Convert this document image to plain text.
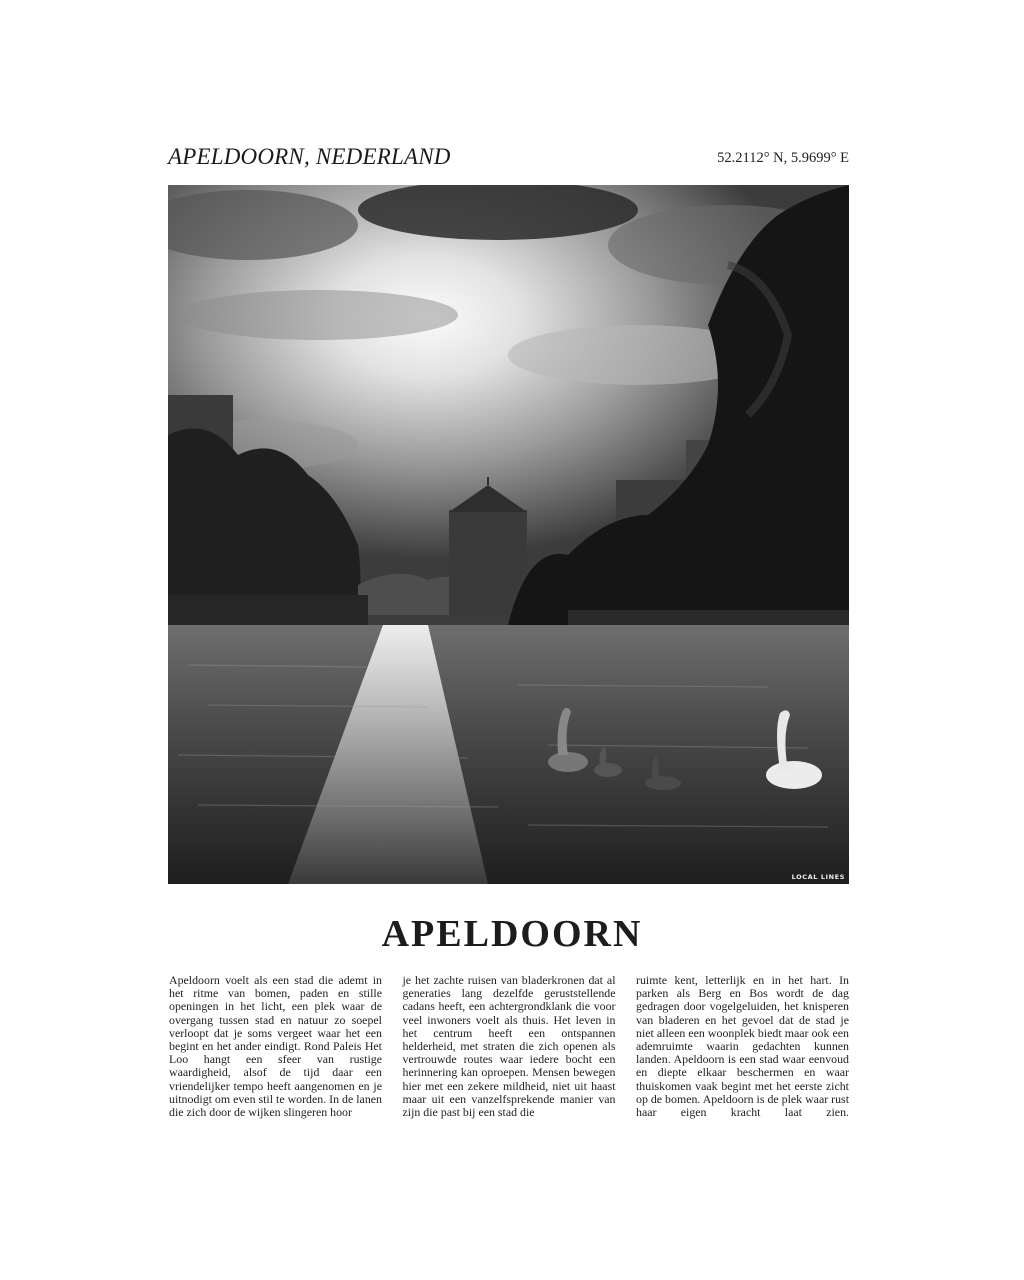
APELDOORN, NEDERLAND	52.2112° N, 5.9699° E
LOCAL LINES
APELDOORN
Apeldoorn voelt als een stad die ademt in het ritme van bomen, paden en stille openingen in het licht, een plek waar de overgang tussen stad en natuur zo soepel verloopt dat je soms vergeet waar het een begint en het ander eindigt. Rond Paleis Het Loo hangt een sfeer van rustige waardigheid, alsof de tijd daar een vriendelijker tempo heeft aangenomen en je uitnodigt om even stil te worden. In de lanen die zich door de wijken slingeren hoor
je het zachte ruisen van bladerkronen dat al generaties lang dezelfde geruststellende cadans heeft, een achtergrondklank die voor veel inwoners voelt als thuis. Het leven in het centrum heeft een ontspannen helderheid, met straten die zich openen als vertrouwde routes waar iedere bocht een herinnering kan oproepen. Mensen bewegen hier met een zekere mildheid, niet uit haast maar uit een vanzelfsprekende manier van zijn die past bij een stad die
ruimte kent, letterlijk en in het hart. In parken als Berg en Bos wordt de dag gedragen door vogelgeluiden, het knisperen van bladeren en het gevoel dat de stad je niet alleen een woonplek biedt maar ook een ademruimte waarin gedachten kunnen landen. Apeldoorn is een stad waar eenvoud en diepte elkaar beschermen en waar thuiskomen vaak begint met het eerste zicht op de bomen. Apeldoorn is de plek waar rust haar eigen kracht laat zien.
